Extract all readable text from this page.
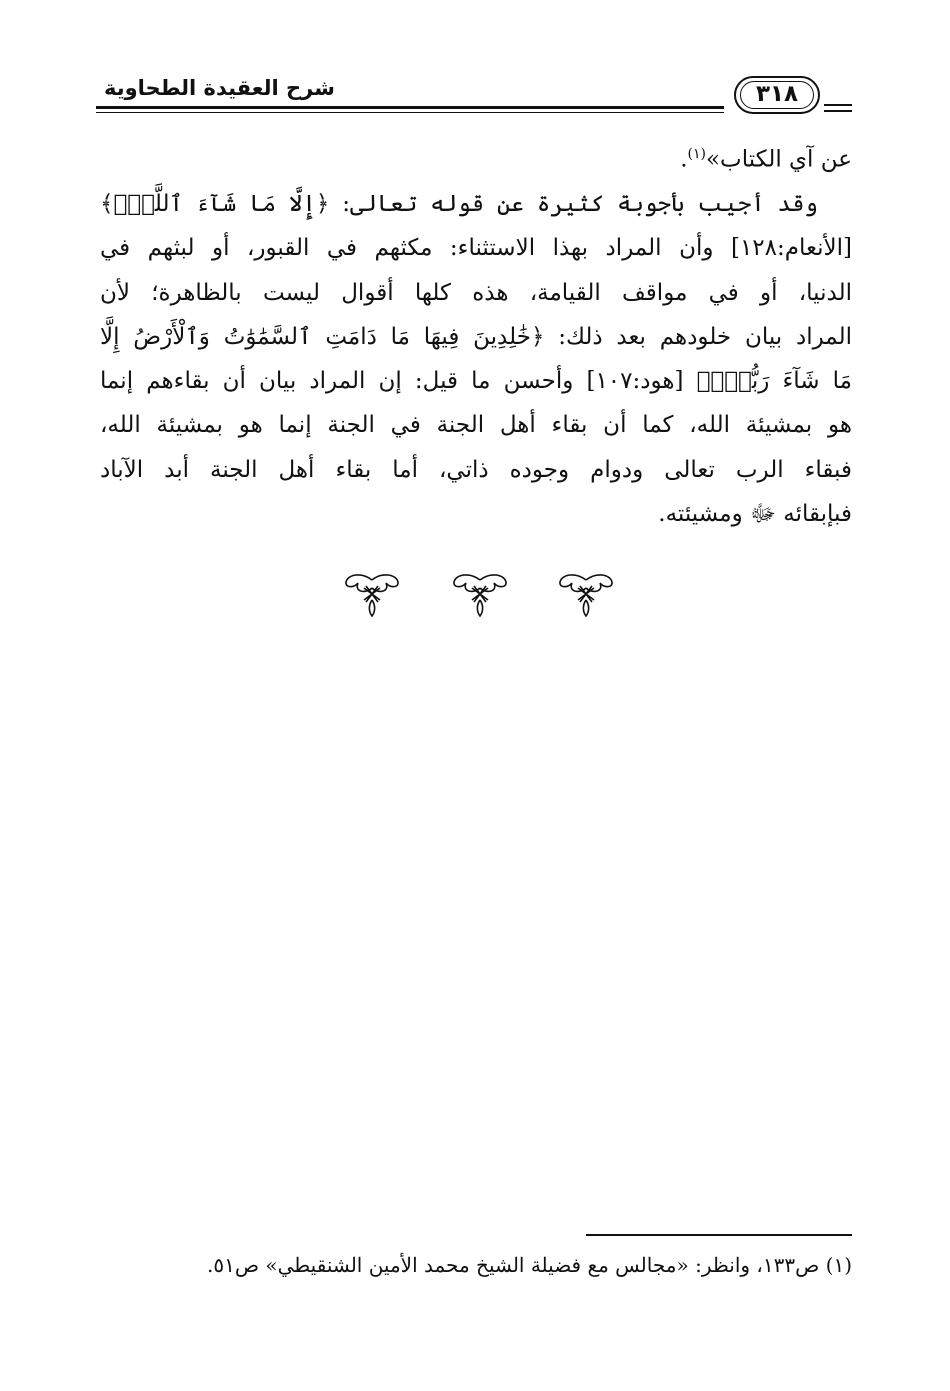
شرح العقيدة الطحاوية	٣١٨
عن آي الكتاب»$^{(١)}$.
وقد أجيب بأجوبة كثيرة عن قوله تعالى: ﴿إِلَّا مَا شَآءَ ٱللَّهُۚ﴾
[الأنعام:١٢٨] وأن المراد بهذا الاستثناء: مكثهم في القبور، أو لبثهم في
الدنيا، أو في مواقف القيامة، هذه كلها أقوال ليست بالظاهرة؛ لأن
المراد بيان خلودهم بعد ذلك: ﴿خَٰلِدِينَ فِيهَا مَا دَامَتِ ٱلسَّمَٰوَٰتُ وَٱلْأَرْضُ إِلَّا
مَا شَآءَ رَبُّكَۚ﴾ [هود:١٠٧] وأحسن ما قيل: إن المراد بيان أن بقاءهم إنما
هو بمشيئة الله، كما أن بقاء أهل الجنة في الجنة إنما هو بمشيئة الله،
فبقاء الرب تعالى ودوام وجوده ذاتي، أما بقاء أهل الجنة أبد الآباد
فبإبقائه ﷻ ومشيئته.
(١) ص١٣٣، وانظر: «مجالس مع فضيلة الشيخ محمد الأمين الشنقيطي» ص٥١.
